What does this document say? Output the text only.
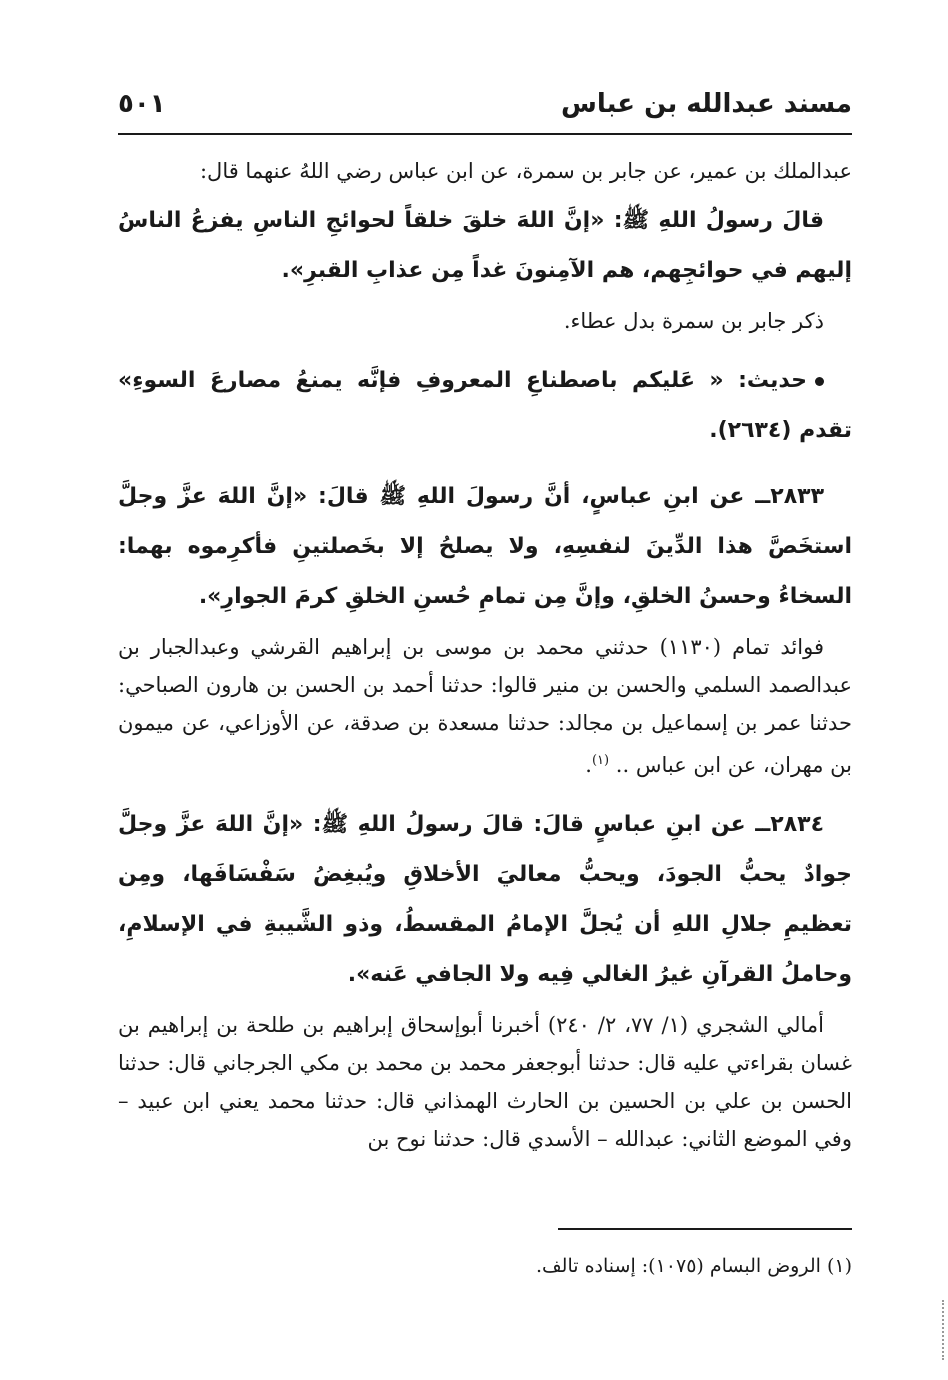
مسند عبدالله بن عباس
٥٠١

عبدالملك بن عمير، عن جابر بن سمرة، عن ابن عباس رضي اللهُ عنهما قال:

قالَ رسولُ اللهِ ﷺ: «إنَّ اللهَ خلقَ خلقاً لحوائجِ الناسِ يفزعُ الناسُ إليهم في حوائجِهم، هم الآمِنونَ غداً مِن عذابِ القبرِ».

ذكر جابر بن سمرة بدل عطاء.

حديث: « عَليكم باصطناعِ المعروفِ فإنَّه يمنعُ مصارعَ السوءِ» تقدم (٢٦٣٤).

٢٨٣٣ــ عن ابنِ عباسٍ، أنَّ رسولَ اللهِ ﷺ قالَ: «إنَّ اللهَ عزَّ وجلَّ استخَصَّ هذا الدِّينَ لنفسِهِ، ولا يصلحُ إلا بخَصلتينِ فأكرِموه بهما: السخاءُ وحسنُ الخلقِ، وإنَّ مِن تمامِ حُسنِ الخلقِ كرمَ الجوارِ».

فوائد تمام (١١٣٠) حدثني محمد بن موسى بن إبراهيم القرشي وعبدالجبار بن عبدالصمد السلمي والحسن بن منير قالوا: حدثنا أحمد بن الحسن بن هارون الصباحي: حدثنا عمر بن إسماعيل بن مجالد: حدثنا مسعدة بن صدقة، عن الأوزاعي، عن ميمون بن مهران، عن ابن عباس .. $^{(١)}$.

٢٨٣٤ــ عن ابنِ عباسٍ قالَ: قالَ رسولُ اللهِ ﷺ: «إنَّ اللهَ عزَّ وجلَّ جوادٌ يحبُّ الجودَ، ويحبُّ معاليَ الأخلاقِ ويُبغِضُ سَفْسَافَها، ومِن تعظيمِ جلالِ اللهِ أن يُجلَّ الإمامُ المقسطُ، وذو الشَّيبةِ في الإسلامِ، وحاملُ القرآنِ غيرُ الغالي فِيه ولا الجافي عَنه».

أمالي الشجري (١/ ٧٧، ٢/ ٢٤٠) أخبرنا أبوإسحاق إبراهيم بن طلحة بن إبراهيم بن غسان بقراءتي عليه قال: حدثنا أبوجعفر محمد بن محمد بن مكي الجرجاني قال: حدثنا الحسن بن علي بن الحسين بن الحارث الهمذاني قال: حدثنا محمد يعني ابن عبيد – وفي الموضع الثاني: عبدالله – الأسدي قال: حدثنا نوح بن

(١) الروض البسام (١٠٧٥): إسناده تالف.
